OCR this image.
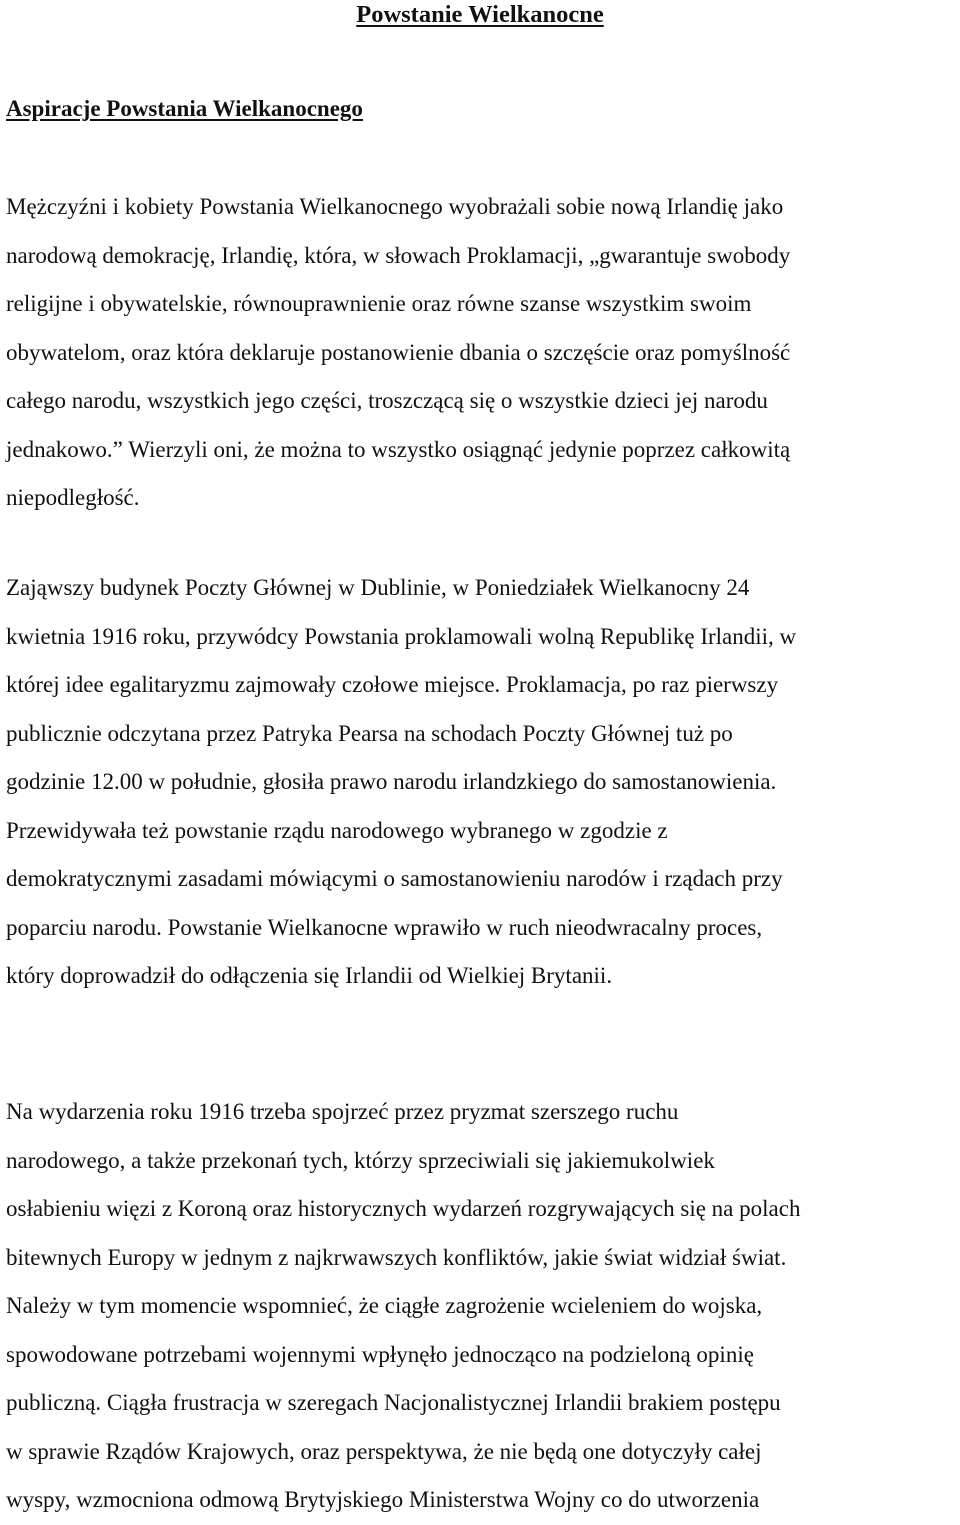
Powstanie Wielkanocne
Aspiracje Powstania Wielkanocnego

Mężczyźni i kobiety Powstania Wielkanocnego wyobrażali sobie nową Irlandię jako
narodową demokrację, Irlandię, która, w słowach Proklamacji, „gwarantuje swobody
religijne i obywatelskie, równouprawnienie oraz równe szanse wszystkim swoim
obywatelom, oraz która deklaruje postanowienie dbania o szczęście oraz pomyślność
całego narodu, wszystkich jego części, troszczącą się o wszystkie dzieci jej narodu
jednakowo.” Wierzyli oni, że można to wszystko osiągnąć jedynie poprzez całkowitą
niepodległość.

Zająwszy budynek Poczty Głównej w Dublinie, w Poniedziałek Wielkanocny 24
kwietnia 1916 roku, przywódcy Powstania proklamowali wolną Republikę Irlandii, w
której idee egalitaryzmu zajmowały czołowe miejsce. Proklamacja, po raz pierwszy
publicznie odczytana przez Patryka Pearsa na schodach Poczty Głównej tuż po
godzinie 12.00 w południe, głosiła prawo narodu irlandzkiego do samostanowienia.
Przewidywała też powstanie rządu narodowego wybranego w zgodzie z
demokratycznymi zasadami mówiącymi o samostanowieniu narodów i rządach przy
poparciu narodu. Powstanie Wielkanocne wprawiło w ruch nieodwracalny proces,
który doprowadził do odłączenia się Irlandii od Wielkiej Brytanii.

Na wydarzenia roku 1916 trzeba spojrzeć przez pryzmat szerszego ruchu
narodowego, a także przekonań tych, którzy sprzeciwiali się jakiemukolwiek
osłabieniu więzi z Koroną oraz historycznych wydarzeń rozgrywających się na polach
bitewnych Europy w jednym z najkrwawszych konfliktów, jakie świat widział świat.
Należy w tym momencie wspomnieć, że ciągłe zagrożenie wcieleniem do wojska,
spowodowane potrzebami wojennymi wpłynęło jednocząco na podzieloną opinię
publiczną. Ciągła frustracja w szeregach Nacjonalistycznej Irlandii brakiem postępu
w sprawie Rządów Krajowych, oraz perspektywa, że nie będą one dotyczyły całej
wyspy, wzmocniona odmową Brytyjskiego Ministerstwa Wojny co do utworzenia
